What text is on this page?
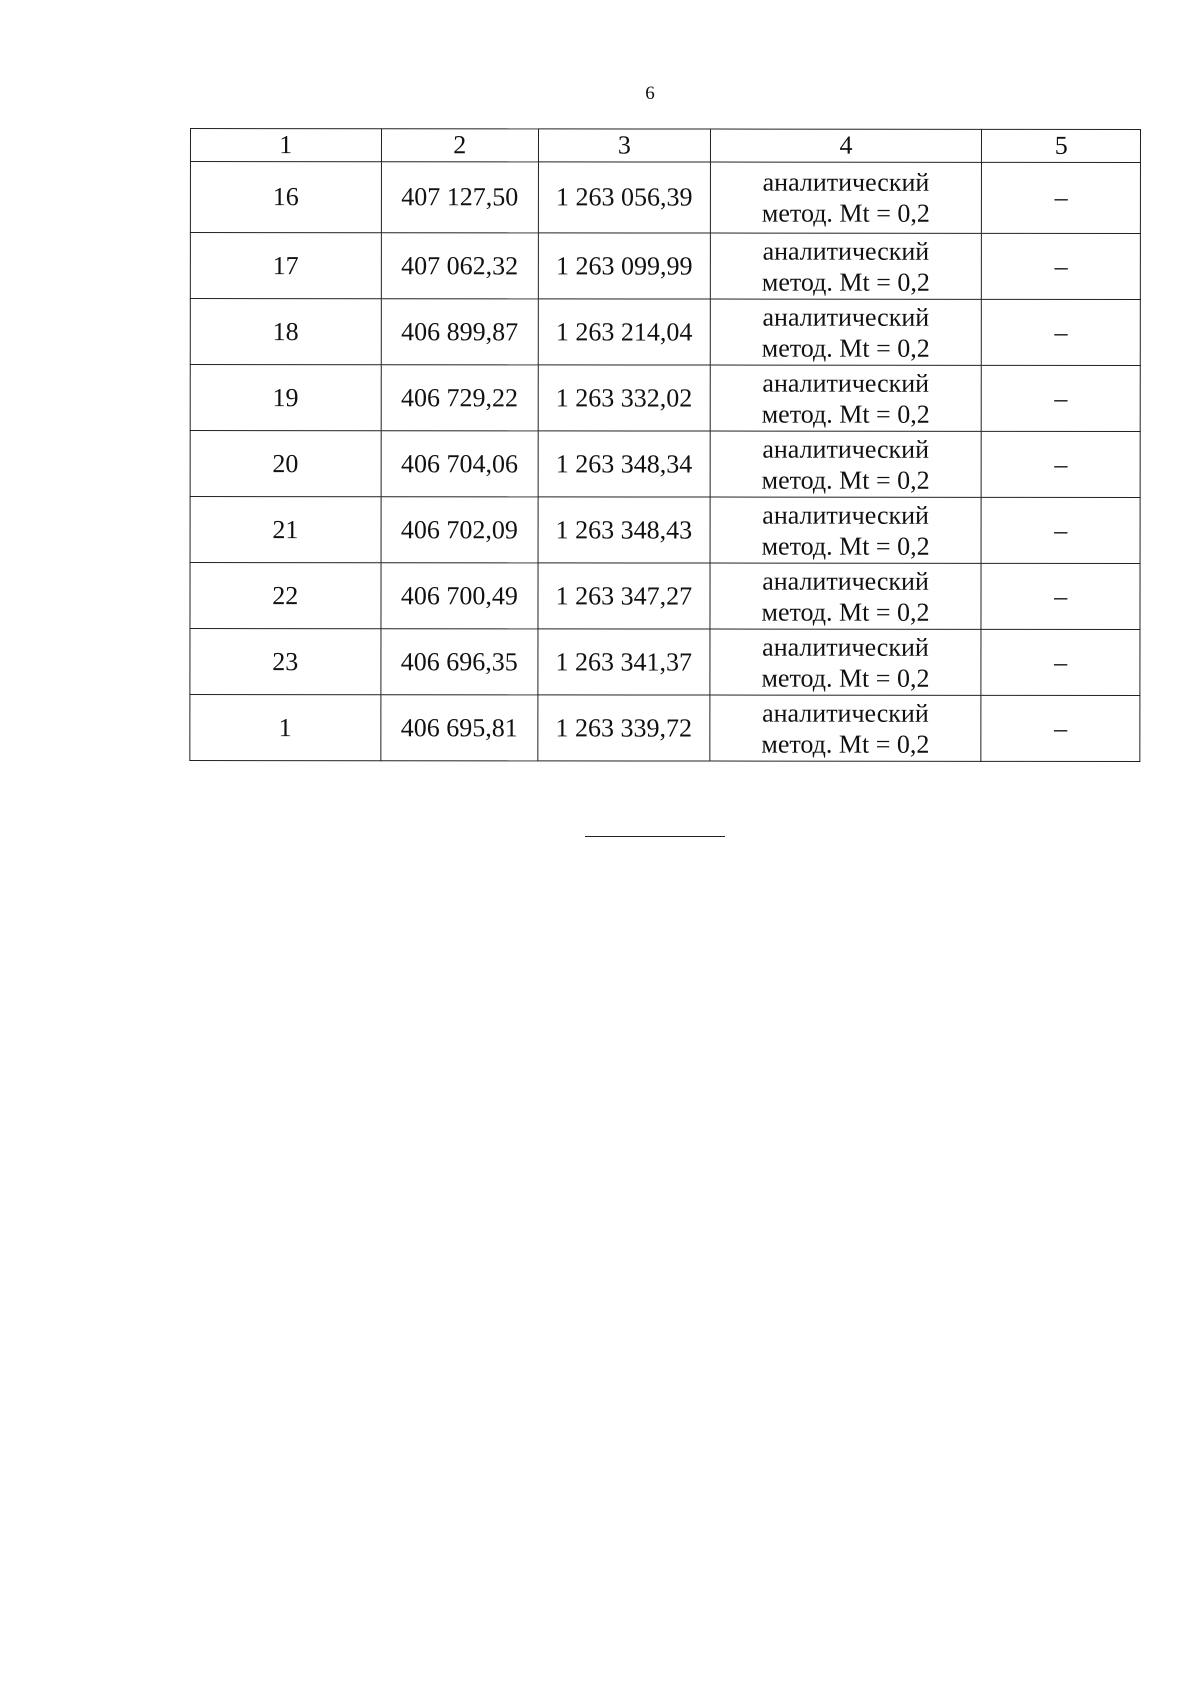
6
1	2	3	4	5
16	407 127,50	1 263 056,39	аналитический
метод. Mt = 0,2	–
17	407 062,32	1 263 099,99	аналитический
метод. Mt = 0,2	–
18	406 899,87	1 263 214,04	аналитический
метод. Mt = 0,2	–
19	406 729,22	1 263 332,02	аналитический
метод. Mt = 0,2	–
20	406 704,06	1 263 348,34	аналитический
метод. Mt = 0,2	–
21	406 702,09	1 263 348,43	аналитический
метод. Mt = 0,2	–
22	406 700,49	1 263 347,27	аналитический
метод. Mt = 0,2	–
23	406 696,35	1 263 341,37	аналитический
метод. Mt = 0,2	–
1	406 695,81	1 263 339,72	аналитический
метод. Mt = 0,2	–
